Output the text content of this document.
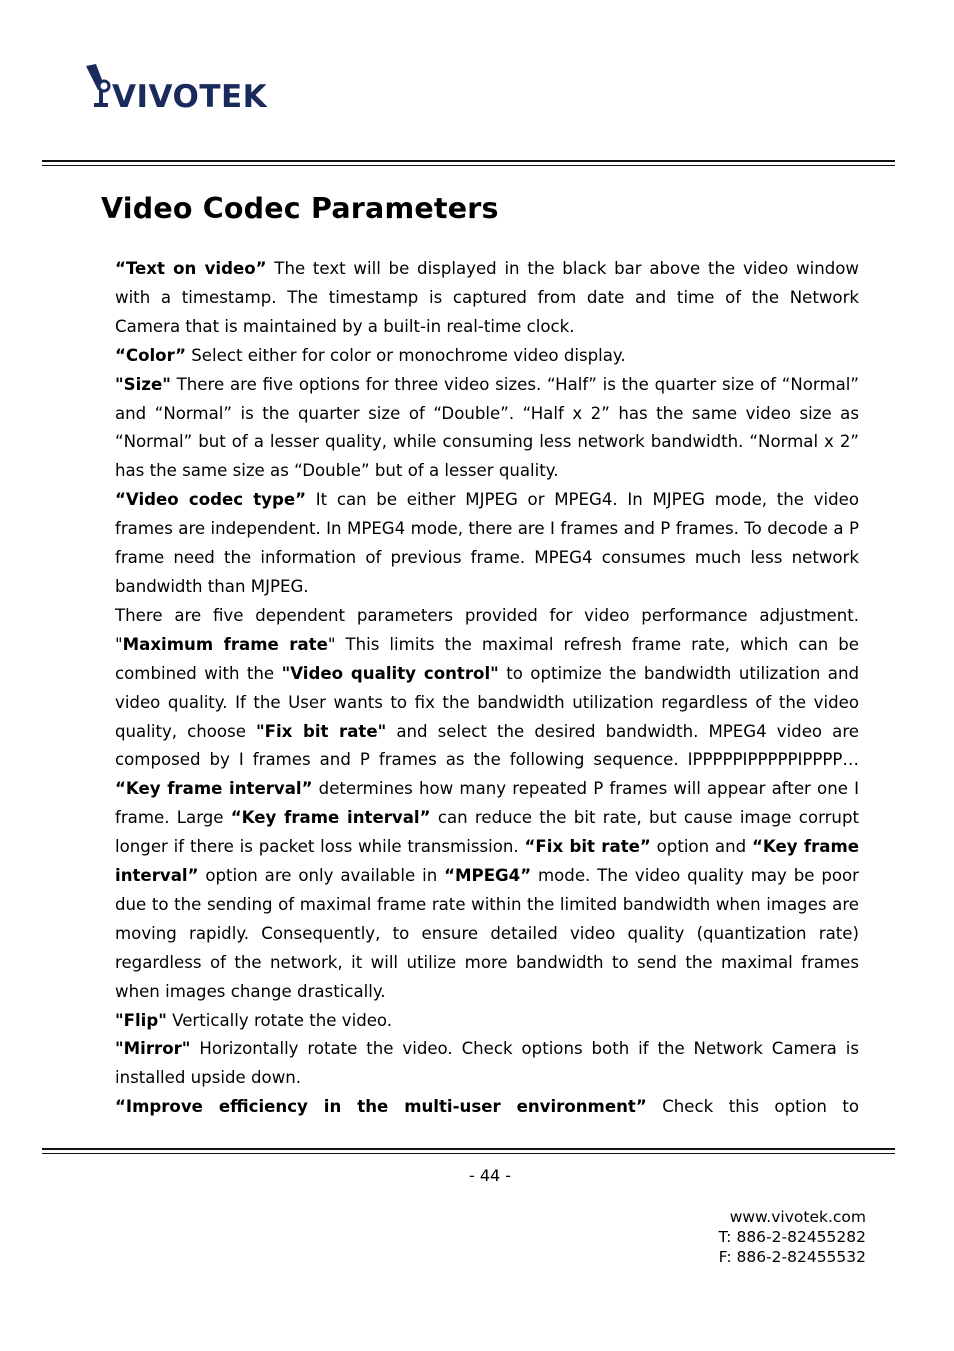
VIVOTEK
Video Codec Parameters

“Text on video” The text will be displayed in the black bar above the video window with a timestamp. The timestamp is captured from date and time of the Network Camera that is maintained by a built-in real-time clock.

“Color” Select either for color or monochrome video display.

"Size" There are five options for three video sizes. “Half” is the quarter size of “Normal” and “Normal” is the quarter size of “Double”. “Half x 2” has the same video size as “Normal” but of a lesser quality, while consuming less network bandwidth. “Normal x 2” has the same size as “Double” but of a lesser quality.

“Video codec type” It can be either MJPEG or MPEG4. In MJPEG mode, the video frames are independent. In MPEG4 mode, there are I frames and P frames. To decode a P frame need the information of previous frame. MPEG4 consumes much less network bandwidth than MJPEG.

There are five dependent parameters provided for video performance adjustment. "Maximum frame rate" This limits the maximal refresh frame rate, which can be combined with the "Video quality control" to optimize the bandwidth utilization and video quality. If the User wants to fix the bandwidth utilization regardless of the video quality, choose "Fix bit rate" and select the desired bandwidth. MPEG4 video are composed by I frames and P frames as the following sequence. IPPPPPIPPPPPIPPPP… “Key frame interval” determines how many repeated P frames will appear after one I frame. Large “Key frame interval” can reduce the bit rate, but cause image corrupt longer if there is packet loss while transmission. “Fix bit rate” option and “Key frame interval” option are only available in “MPEG4” mode. The video quality may be poor due to the sending of maximal frame rate within the limited bandwidth when images are moving rapidly. Consequently, to ensure detailed video quality (quantization rate) regardless of the network, it will utilize more bandwidth to send the maximal frames when images change drastically.

"Flip" Vertically rotate the video.

"Mirror" Horizontally rotate the video. Check options both if the Network Camera is installed upside down.

“Improve efficiency in the multi-user environment” Check this option to

- 44 -
www.vivotek.com
T: 886-2-82455282
F: 886-2-82455532
